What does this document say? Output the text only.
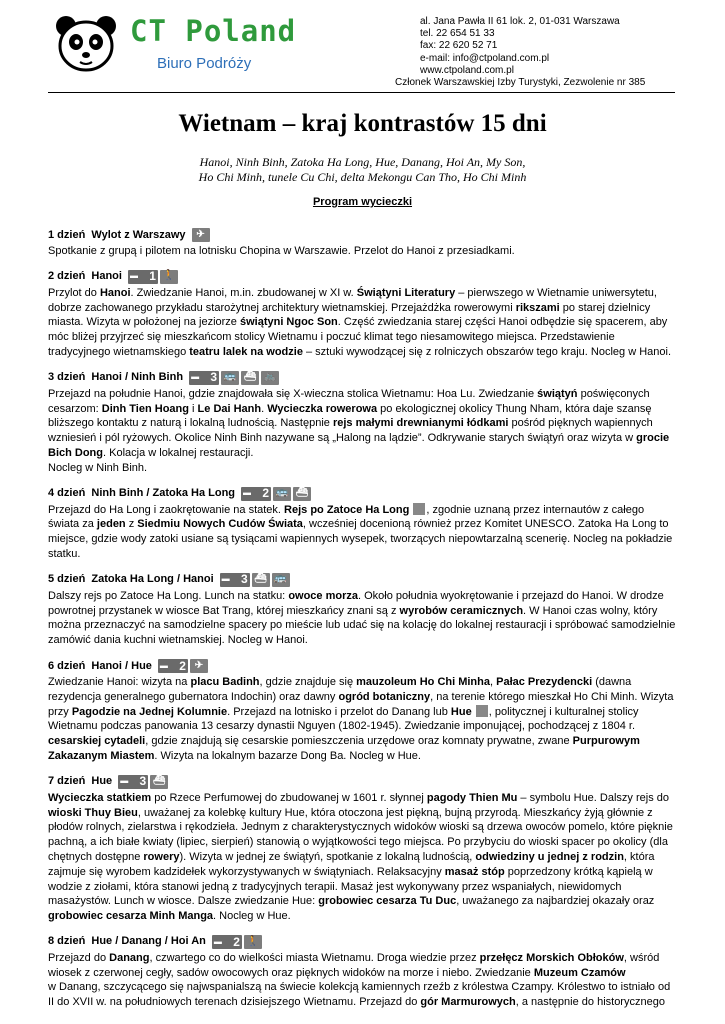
CT Poland
Biuro Podróży
al. Jana Pawła II 61 lok. 2, 01-031 Warszawa
tel. 22 654 51 33
fax: 22 620 52 71
e-mail: info@ctpoland.com.pl
www.ctpoland.com.pl
Członek Warszawskiej Izby Turystyki, Zezwolenie nr 385
Wietnam – kraj kontrastów 15 dni
Hanoi, Ninh Binh, Zatoka Ha Long, Hue, Danang, Hoi An, My Son,
Ho Chi Minh, tunele Cu Chi, delta Mekongu Can Tho, Ho Chi Minh
Program wycieczki
1 dzień  Wylot z Warszawy	✈

Spotkanie z grupą i pilotem na lotnisku Chopina w Warszawie. Przelot do Hanoi z przesiadkami.

2 dzień  Hanoi ▬ 1 🚶

Przylot do Hanoi. Zwiedzanie Hanoi, m.in. zbudowanej w XI w. Świątyni Literatury – pierwszego w Wietnamie uniwersytetu, dobrze zachowanego przykładu starożytnej architektury wietnamskiej. Przejażdżka rowerowymi rikszami po starej dzielnicy miasta. Wizyta w położonej na jeziorze świątyni Ngoc Son. Część zwiedzania starej części Hanoi odbędzie się spacerem, aby móc bliżej przyjrzeć się mieszkańcom stolicy Wietnamu i poczuć klimat tego niesamowitego miejsca. Przedstawienie tradycyjnego wietnamskiego teatru lalek na wodzie – sztuki wywodzącej się z rolniczych obszarów tego kraju. Nocleg w Hanoi.

3 dzień  Hanoi / Ninh Binh ▬ 3 🚌 ⛴ 🚲

Przejazd na południe Hanoi, gdzie znajdowała się X-wieczna stolica Wietnamu: Hoa Lu. Zwiedzanie świątyń poświęconych cesarzom: Dinh Tien Hoang i Le Dai Hanh. Wycieczka rowerowa po ekologicznej okolicy Thung Nham, która daje szansę bliższego kontaktu z naturą i lokalną ludnością. Następnie rejs małymi drewnianymi łódkami pośród pięknych wapiennych wzniesień i pól ryżowych. Okolice Ninh Binh nazywane są „Halong na lądzie”. Odkrywanie starych świątyń oraz wizyta w grocie Bich Dong. Kolacja w lokalnej restauracji.
Nocleg w Ninh Binh.

4 dzień  Ninh Binh / Zatoka Ha Long ▬ 2 🚌 ⛴

Przejazd do Ha Long i zaokrętowanie na statek. Rejs po Zatoce Ha Long , zgodnie uznaną przez internautów z całego świata za jeden z Siedmiu Nowych Cudów Świata, wcześniej docenioną również przez Komitet UNESCO. Zatoka Ha Long to miejsce, gdzie wody zatoki usiane są tysiącami wapiennych wysepek, tworzących niepowtarzalną scenerię. Nocleg na pokładzie statku.

5 dzień  Zatoka Ha Long / Hanoi ▬ 3 ⛴ 🚌

Dalszy rejs po Zatoce Ha Long. Lunch na statku: owoce morza. Około południa wyokrętowanie i przejazd do Hanoi. W drodze powrotnej przystanek w wiosce Bat Trang, której mieszkańcy znani są z wyrobów ceramicznych. W Hanoi czas wolny, który można przeznaczyć na samodzielne spacery po mieście lub udać się na kolację do lokalnej restauracji i spróbować samodzielnie zamówić dania kuchni wietnamskiej. Nocleg w Hanoi.

6 dzień  Hanoi / Hue ▬ 2 ✈

Zwiedzanie Hanoi: wizyta na placu Badinh, gdzie znajduje się mauzoleum Ho Chi Minha, Pałac Prezydencki (dawna rezydencja generalnego gubernatora Indochin) oraz dawny ogród botaniczny, na terenie którego mieszkał Ho Chi Minh. Wizyta przy Pagodzie na Jednej Kolumnie. Przejazd na lotnisko i przelot do Danang lub Hue , politycznej i kulturalnej stolicy Wietnamu podczas panowania 13 cesarzy dynastii Nguyen (1802-1945). Zwiedzanie imponującej, pochodzącej z 1804 r. cesarskiej cytadeli, gdzie znajdują się cesarskie pomieszczenia urzędowe oraz komnaty prywatne, zwane Purpurowym Zakazanym Miastem. Wizyta na lokalnym bazarze Dong Ba. Nocleg w Hue.

7 dzień  Hue ▬ 3 ⛴

Wycieczka statkiem po Rzece Perfumowej do zbudowanej w 1601 r. słynnej pagody Thien Mu – symbolu Hue. Dalszy rejs do wioski Thuy Bieu, uważanej za kolebkę kultury Hue, która otoczona jest piękną, bujną przyrodą. Mieszkańcy żyją głównie z płodów rolnych, zielarstwa i rękodzieła. Jednym z charakterystycznych widoków wioski są drzewa owoców pomelo, które pięknie pachną, a ich białe kwiaty (lipiec, sierpień) stanowią o wyjątkowości tego miejsca. Po przybyciu do wioski spacer po okolicy (dla chętnych dostępne rowery). Wizyta w jednej ze świątyń, spotkanie z lokalną ludnością, odwiedziny u jednej z rodzin, która zajmuje się wyrobem kadzidełek wykorzystywanych w świątyniach. Relaksacyjny masaż stóp poprzedzony krótką kąpielą w wodzie z ziołami, która stanowi jedną z tradycyjnych terapii. Masaż jest wykonywany przez wspaniałych, niewidomych masażystów. Lunch w wiosce. Dalsze zwiedzanie Hue: grobowiec cesarza Tu Duc, uważanego za najbardziej okazały oraz grobowiec cesarza Minh Manga. Nocleg w Hue.

8 dzień  Hue / Danang / Hoi An ▬ 2 🚶

Przejazd do Danang, czwartego co do wielkości miasta Wietnamu. Droga wiedzie przez przełęcz Morskich Obłoków, wśród wiosek z czerwonej cegły, sadów owocowych oraz pięknych widoków na morze i niebo. Zwiedzanie Muzeum Czamów
w Danang, szczycącego się najwspanialszą na świecie kolekcją kamiennych rzeźb z królestwa Czampy. Królestwo to istniało od II do XVII w. na południowych terenach dzisiejszego Wietnamu. Przejazd do gór Marmurowych, a następnie do historycznego
